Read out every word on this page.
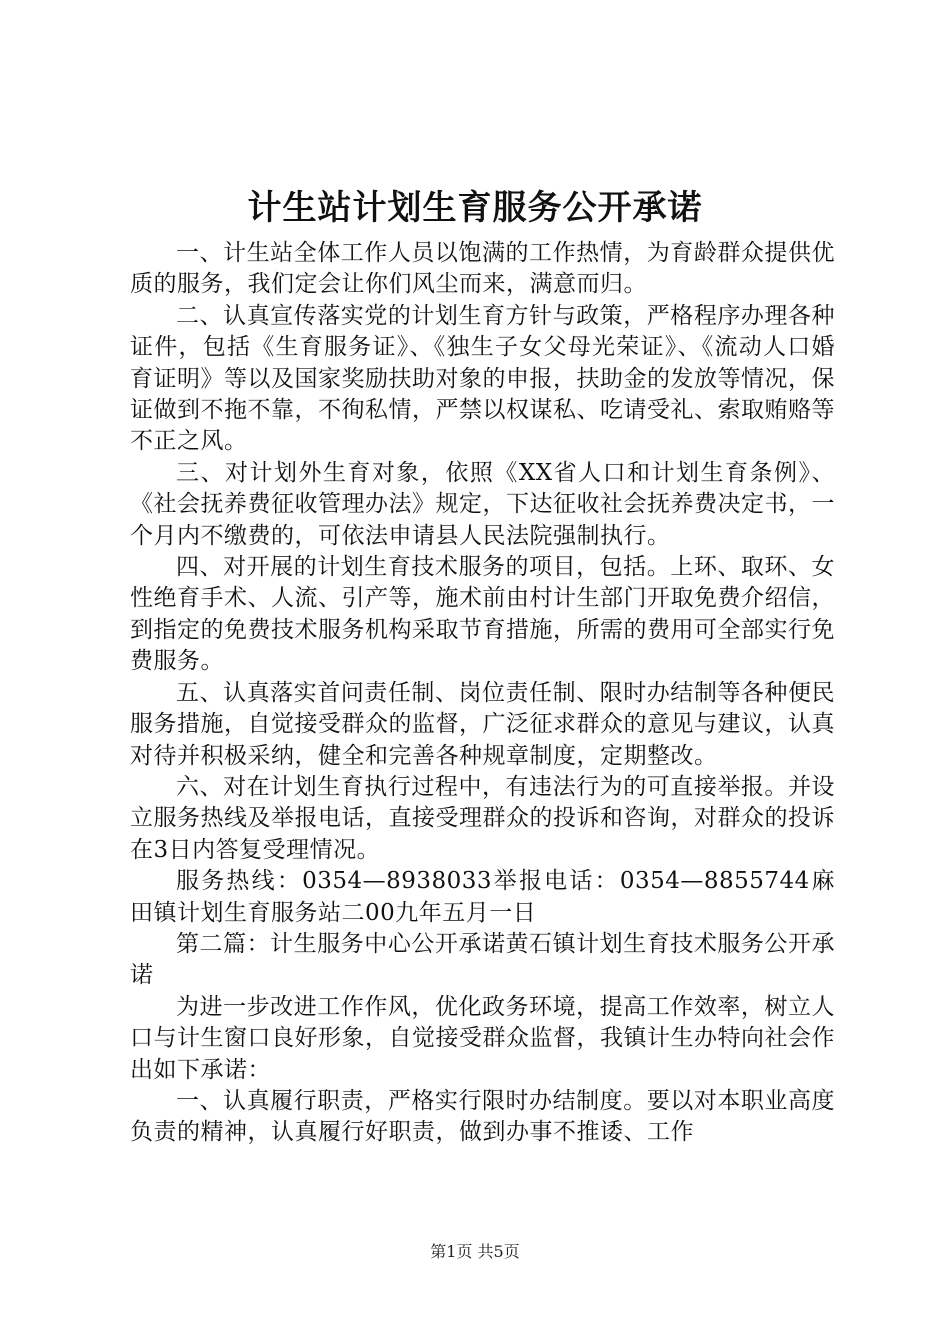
计生站计划生育服务公开承诺

一、计生站全体工作人员以饱满的工作热情，为育龄群众提供优质的服务，我们定会让你们风尘而来，满意而归。

二、认真宣传落实党的计划生育方针与政策，严格程序办理各种证件，包括《生育服务证》、《独生子女父母光荣证》、《流动人口婚育证明》等以及国家奖励扶助对象的申报，扶助金的发放等情况，保证做到不拖不靠，不徇私情，严禁以权谋私、吃请受礼、索取贿赂等不正之风。

三、对计划外生育对象，依照《XX省人口和计划生育条例》、《社会抚养费征收管理办法》规定，下达征收社会抚养费决定书，一个月内不缴费的，可依法申请县人民法院强制执行。

四、对开展的计划生育技术服务的项目，包括。上环、取环、女性绝育手术、人流、引产等，施术前由村计生部门开取免费介绍信，到指定的免费技术服务机构采取节育措施，所需的费用可全部实行免费服务。

五、认真落实首问责任制、岗位责任制、限时办结制等各种便民服务措施，自觉接受群众的监督，广泛征求群众的意见与建议，认真对待并积极采纳，健全和完善各种规章制度，定期整改。

六、对在计划生育执行过程中，有违法行为的可直接举报。并设立服务热线及举报电话，直接受理群众的投诉和咨询，对群众的投诉在3日内答复受理情况。

服务热线：0354—8938033举报电话：0354—8855744麻田镇计划生育服务站二00九年五月一日

第二篇：计生服务中心公开承诺黄石镇计划生育技术服务公开承诺

为进一步改进工作作风，优化政务环境，提高工作效率，树立人口与计生窗口良好形象，自觉接受群众监督，我镇计生办特向社会作出如下承诺：

一、认真履行职责，严格实行限时办结制度。要以对本职业高度负责的精神，认真履行好职责，做到办事不推诿、工作

第1页 共5页
